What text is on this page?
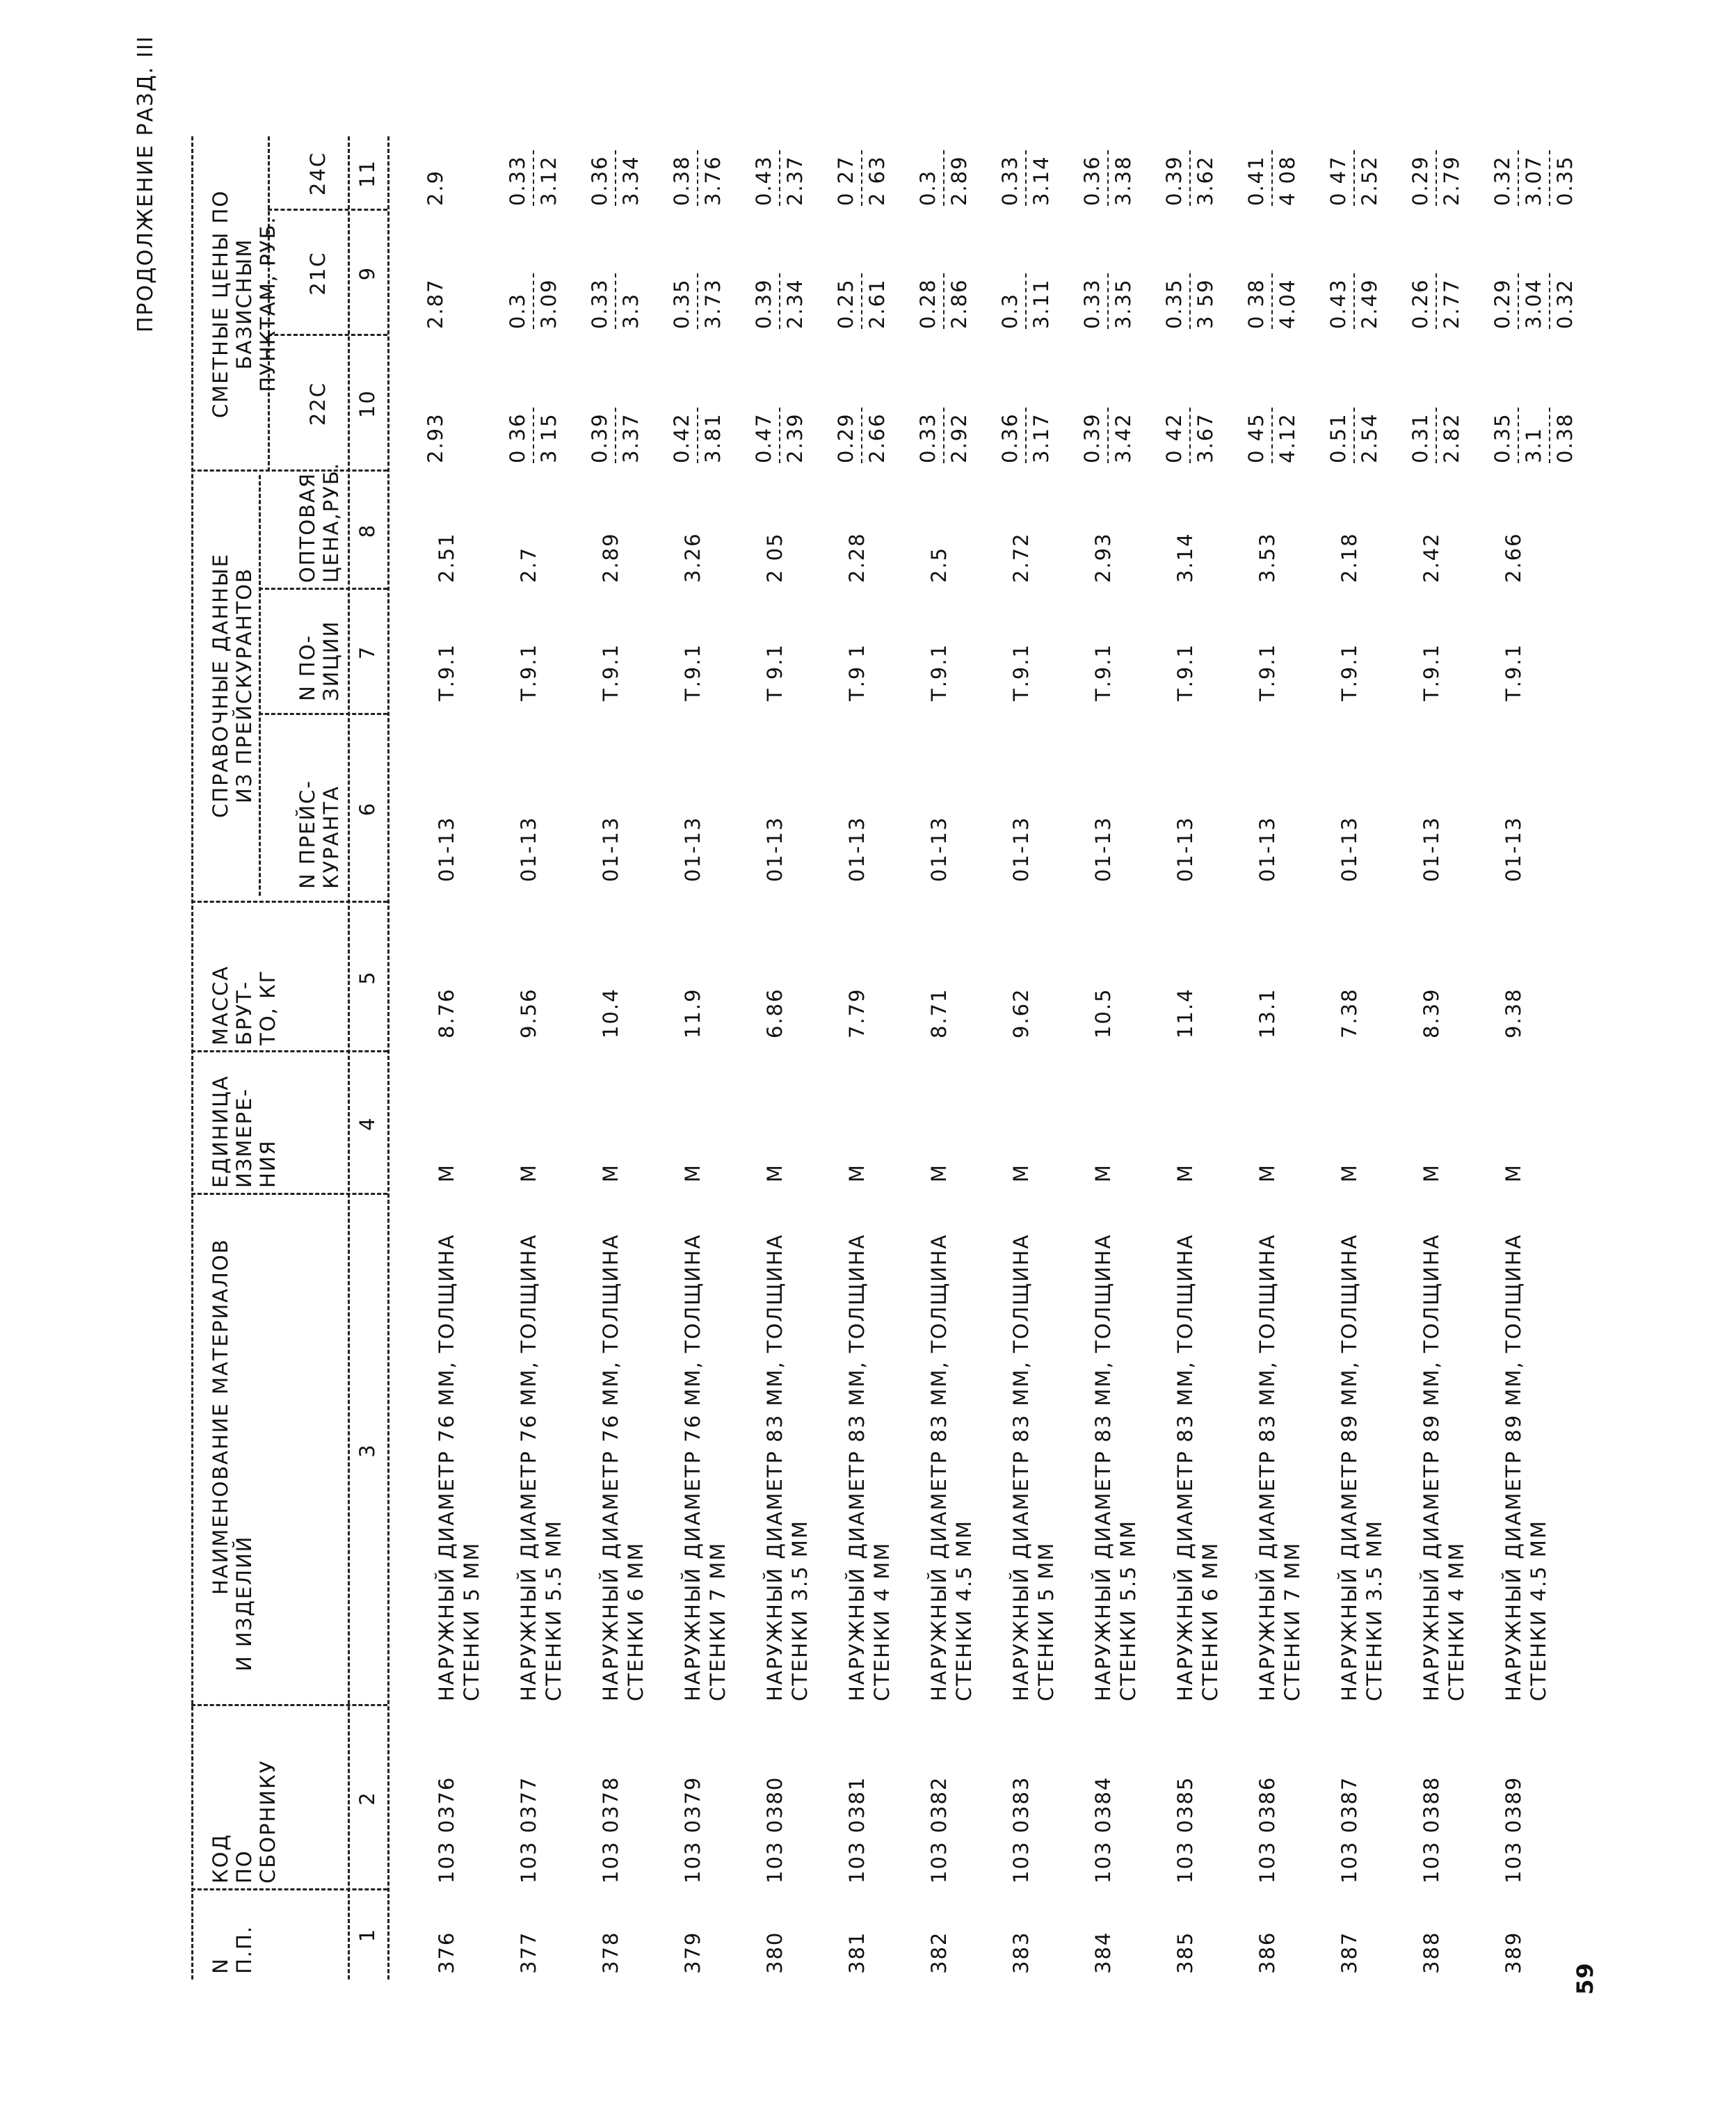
ПРОДОЛЖЕНИЕ РАЗД. III
59
N П.П.
КОД ПО СБОРНИКУ
НАИМЕНОВАНИЕ МАТЕРИАЛОВ
И ИЗДЕЛИЙ
ЕДИНИЦА ИЗМЕРЕ- НИЯ
МАССА БРУТ- ТО, КГ
СПРАВОЧНЫЕ ДАННЫЕ ИЗ ПРЕЙСКУРАНТОВ
N ПРЕЙС- КУРАНТА
N ПО- ЗИЦИИ
ОПТОВАЯ ЦЕНА,РУБ.
СМЕТНЫЕ ЦЕНЫ ПО БАЗИСНЫМ ПУНКТАМ, РУБ. 21С
22С
24С
1
2
3
4
5
6
7
8
9
10
11
376
103 0376
НАРУЖНЫЙ ДИАМЕТР 76 ММ, ТОЛЩИНА СТЕНКИ 5 ММ
М
8.76
01-13
Т.9.1
2.51
2.87
2.93
2.9
377
103 0377
НАРУЖНЫЙ ДИАМЕТР 76 ММ, ТОЛЩИНА СТЕНКИ 5.5 ММ
М
9.56
01-13
Т.9.1
2.7
0.3 3.09
0 36 3 15
0.33 3.12
378
103 0378
НАРУЖНЫЙ ДИАМЕТР 76 ММ, ТОЛЩИНА СТЕНКИ 6 ММ
М
10.4
01-13
Т.9.1
2.89
0.33 3.3
0.39 3.37
0.36 3.34
379
103 0379
НАРУЖНЫЙ ДИАМЕТР 76 ММ, ТОЛЩИНА СТЕНКИ 7 ММ
М
11.9
01-13
Т.9.1
3.26
0.35 3.73
0.42 3.81
0.38 3.76
380
103 0380
НАРУЖНЫЙ ДИАМЕТР 83 ММ, ТОЛЩИНА СТЕНКИ 3.5 ММ
М
6.86
01-13
Т 9.1
2 05
0.39 2.34
0.47 2.39
0.43 2.37
381
103 0381
НАРУЖНЫЙ ДИАМЕТР 83 ММ, ТОЛЩИНА СТЕНКИ 4 ММ
М
7.79
01-13
Т.9 1
2.28
0.25 2.61
0.29 2.66
0 27 2 63
382
103 0382
НАРУЖНЫЙ ДИАМЕТР 83 ММ, ТОЛЩИНА СТЕНКИ 4.5 ММ
М
8.71
01-13
Т.9.1
2.5
0.28 2.86
0.33 2.92
0.3 2.89
383
103 0383
НАРУЖНЫЙ ДИАМЕТР 83 ММ, ТОЛЩИНА СТЕНКИ 5 ММ
М
9.62
01-13
Т.9.1
2.72
0.3 3.11
0.36 3.17
0.33 3.14
384
103 0384
НАРУЖНЫЙ ДИАМЕТР 83 ММ, ТОЛЩИНА СТЕНКИ 5.5 ММ
М
10.5
01-13
Т.9.1
2.93
0.33 3.35
0.39 3.42
0.36 3.38
385
103 0385
НАРУЖНЫЙ ДИАМЕТР 83 ММ, ТОЛЩИНА СТЕНКИ 6 ММ
М
11.4
01-13
Т.9.1
3.14
0.35 3 59
0 42 3.67
0.39 3.62
386
103 0386
НАРУЖНЫЙ ДИАМЕТР 83 ММ, ТОЛЩИНА СТЕНКИ 7 ММ
М
13.1
01-13
Т.9.1
3.53
0 38 4.04
0 45 4.12
0.41 4 08
387
103 0387
НАРУЖНЫЙ ДИАМЕТР 89 ММ, ТОЛЩИНА СТЕНКИ 3.5 ММ
М
7.38
01-13
Т.9.1
2.18
0.43 2.49
0.51 2.54
0 47 2.52
388
103 0388
НАРУЖНЫЙ ДИАМЕТР 89 ММ, ТОЛЩИНА СТЕНКИ 4 ММ
М
8.39
01-13
Т.9.1
2.42
0.26 2.77
0.31 2.82
0.29 2.79
389
103 0389
НАРУЖНЫЙ ДИАМЕТР 89 ММ, ТОЛЩИНА СТЕНКИ 4.5 ММ
М
9.38
01-13
Т.9.1
2.66
0.29 3.04 0.32
0.35 3.1 0.38
0.32 3.07 0.35
